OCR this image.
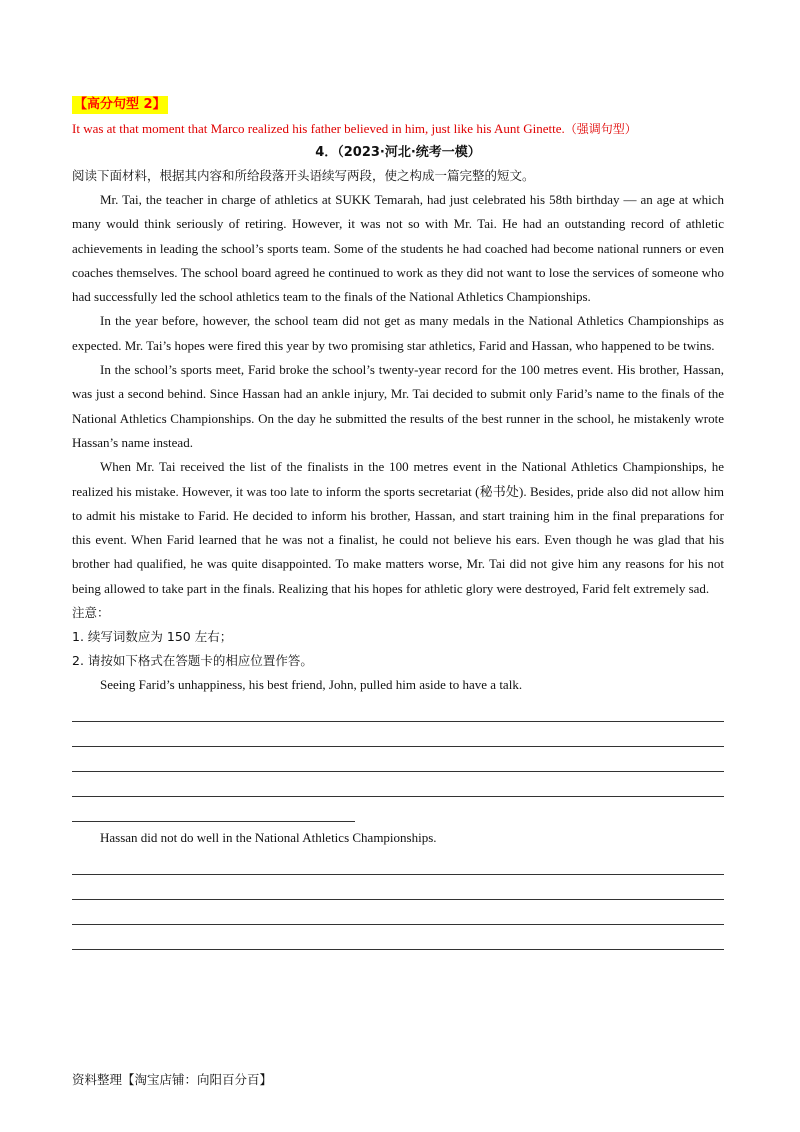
【高分句型 2】
It was at that moment that Marco realized his father believed in him, just like his Aunt Ginette.（强调句型）
4．（2023·河北·统考一模）
阅读下面材料，根据其内容和所给段落开头语续写两段，使之构成一篇完整的短文。

Mr. Tai, the teacher in charge of athletics at SUKK Temarah, had just celebrated his 58th birthday — an age at which many would think seriously of retiring. However, it was not so with Mr. Tai. He had an outstanding record of athletic achievements in leading the school’s sports team. Some of the students he had coached had become national runners or even coaches themselves. The school board agreed he continued to work as they did not want to lose the services of someone who had successfully led the school athletics team to the finals of the National Athletics Championships.

In the year before, however, the school team did not get as many medals in the National Athletics Championships as expected. Mr. Tai’s hopes were fired this year by two promising star athletics, Farid and Hassan, who happened to be twins.

In the school’s sports meet, Farid broke the school’s twenty-year record for the 100 metres event. His brother, Hassan, was just a second behind. Since Hassan had an ankle injury, Mr. Tai decided to submit only Farid’s name to the finals of the National Athletics Championships. On the day he submitted the results of the best runner in the school, he mistakenly wrote Hassan’s name instead.

When Mr. Tai received the list of the finalists in the 100 metres event in the National Athletics Championships, he realized his mistake. However, it was too late to inform the sports secretariat (秘书处). Besides, pride also did not allow him to admit his mistake to Farid. He decided to inform his brother, Hassan, and start training him in the final preparations for this event. When Farid learned that he was not a finalist, he could not believe his ears. Even though he was glad that his brother had qualified, he was quite disappointed. To make matters worse, Mr. Tai did not give him any reasons for his not being allowed to take part in the finals. Realizing that his hopes for athletic glory were destroyed, Farid felt extremely sad.

注意：
1. 续写词数应为 150 左右；
2. 请按如下格式在答题卡的相应位置作答。

Seeing Farid’s unhappiness, his best friend, John, pulled him aside to have a talk.

Hassan did not do well in the National Athletics Championships.

资料整理【淘宝店铺：向阳百分百】
